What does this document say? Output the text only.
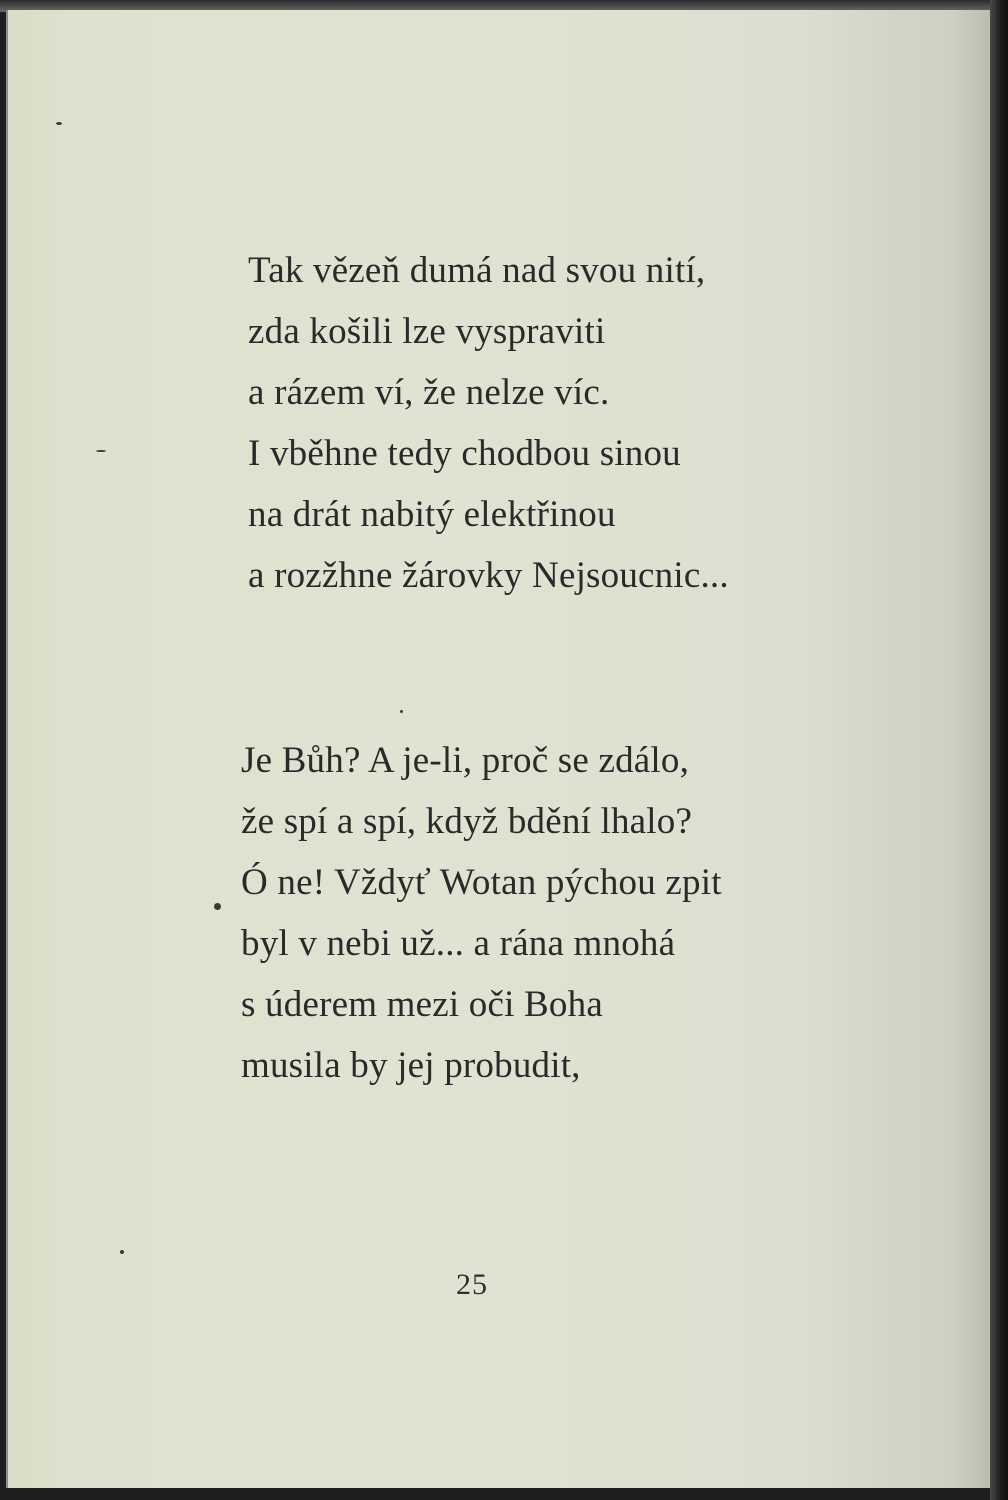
Tak vězeň dumá nad svou nití,
zda košili lze vyspraviti
a rázem ví, že nelze víc.
I vběhne tedy chodbou sinou
na drát nabitý elektřinou
a rozžhne žárovky Nejsoucnic...
Je Bůh? A je-li, proč se zdálo,
že spí a spí, když bdění lhalo?
Ó ne! Vždyť Wotan pýchou zpit
byl v nebi už... a rána mnohá
s úderem mezi oči Boha
musila by jej probudit,
25
